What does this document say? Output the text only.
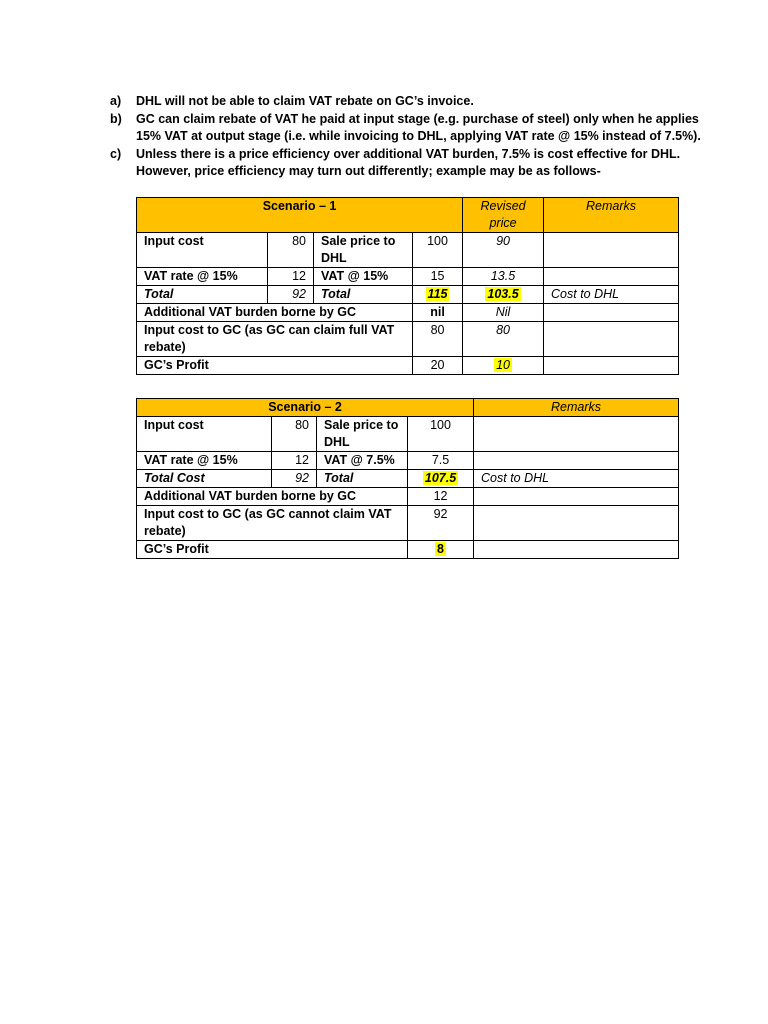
a)	DHL will not be able to claim VAT rebate on GC’s invoice.
b)	GC can claim rebate of VAT he paid at input stage (e.g. purchase of steel) only when he applies
15% VAT at output stage (i.e. while invoicing to DHL, applying VAT rate @ 15% instead of 7.5%).
c)	Unless there is a price efficiency over additional VAT burden, 7.5% is cost effective for DHL.
However, price efficiency may turn out differently; example may be as follows-
Scenario – 1				Revised price	Remarks
Input cost	80	Sale price to DHL	100	90	
VAT rate @ 15%	12	VAT @ 15%	15	13.5	
Total	92	Total	115	103.5	Cost to DHL
Additional VAT burden borne by GC			nil	Nil	
Input cost to GC (as GC can claim full VAT rebate)			80	80	
GC’s Profit			20	10	
Scenario – 2				Remarks
Input cost	80	Sale price to DHL	100	
VAT rate @ 15%	12	VAT @ 7.5%	7.5	
Total Cost	92	Total	107.5	Cost to DHL
Additional VAT burden borne by GC			12	
Input cost to GC (as GC cannot claim VAT rebate)			92	
GC’s Profit			8	
